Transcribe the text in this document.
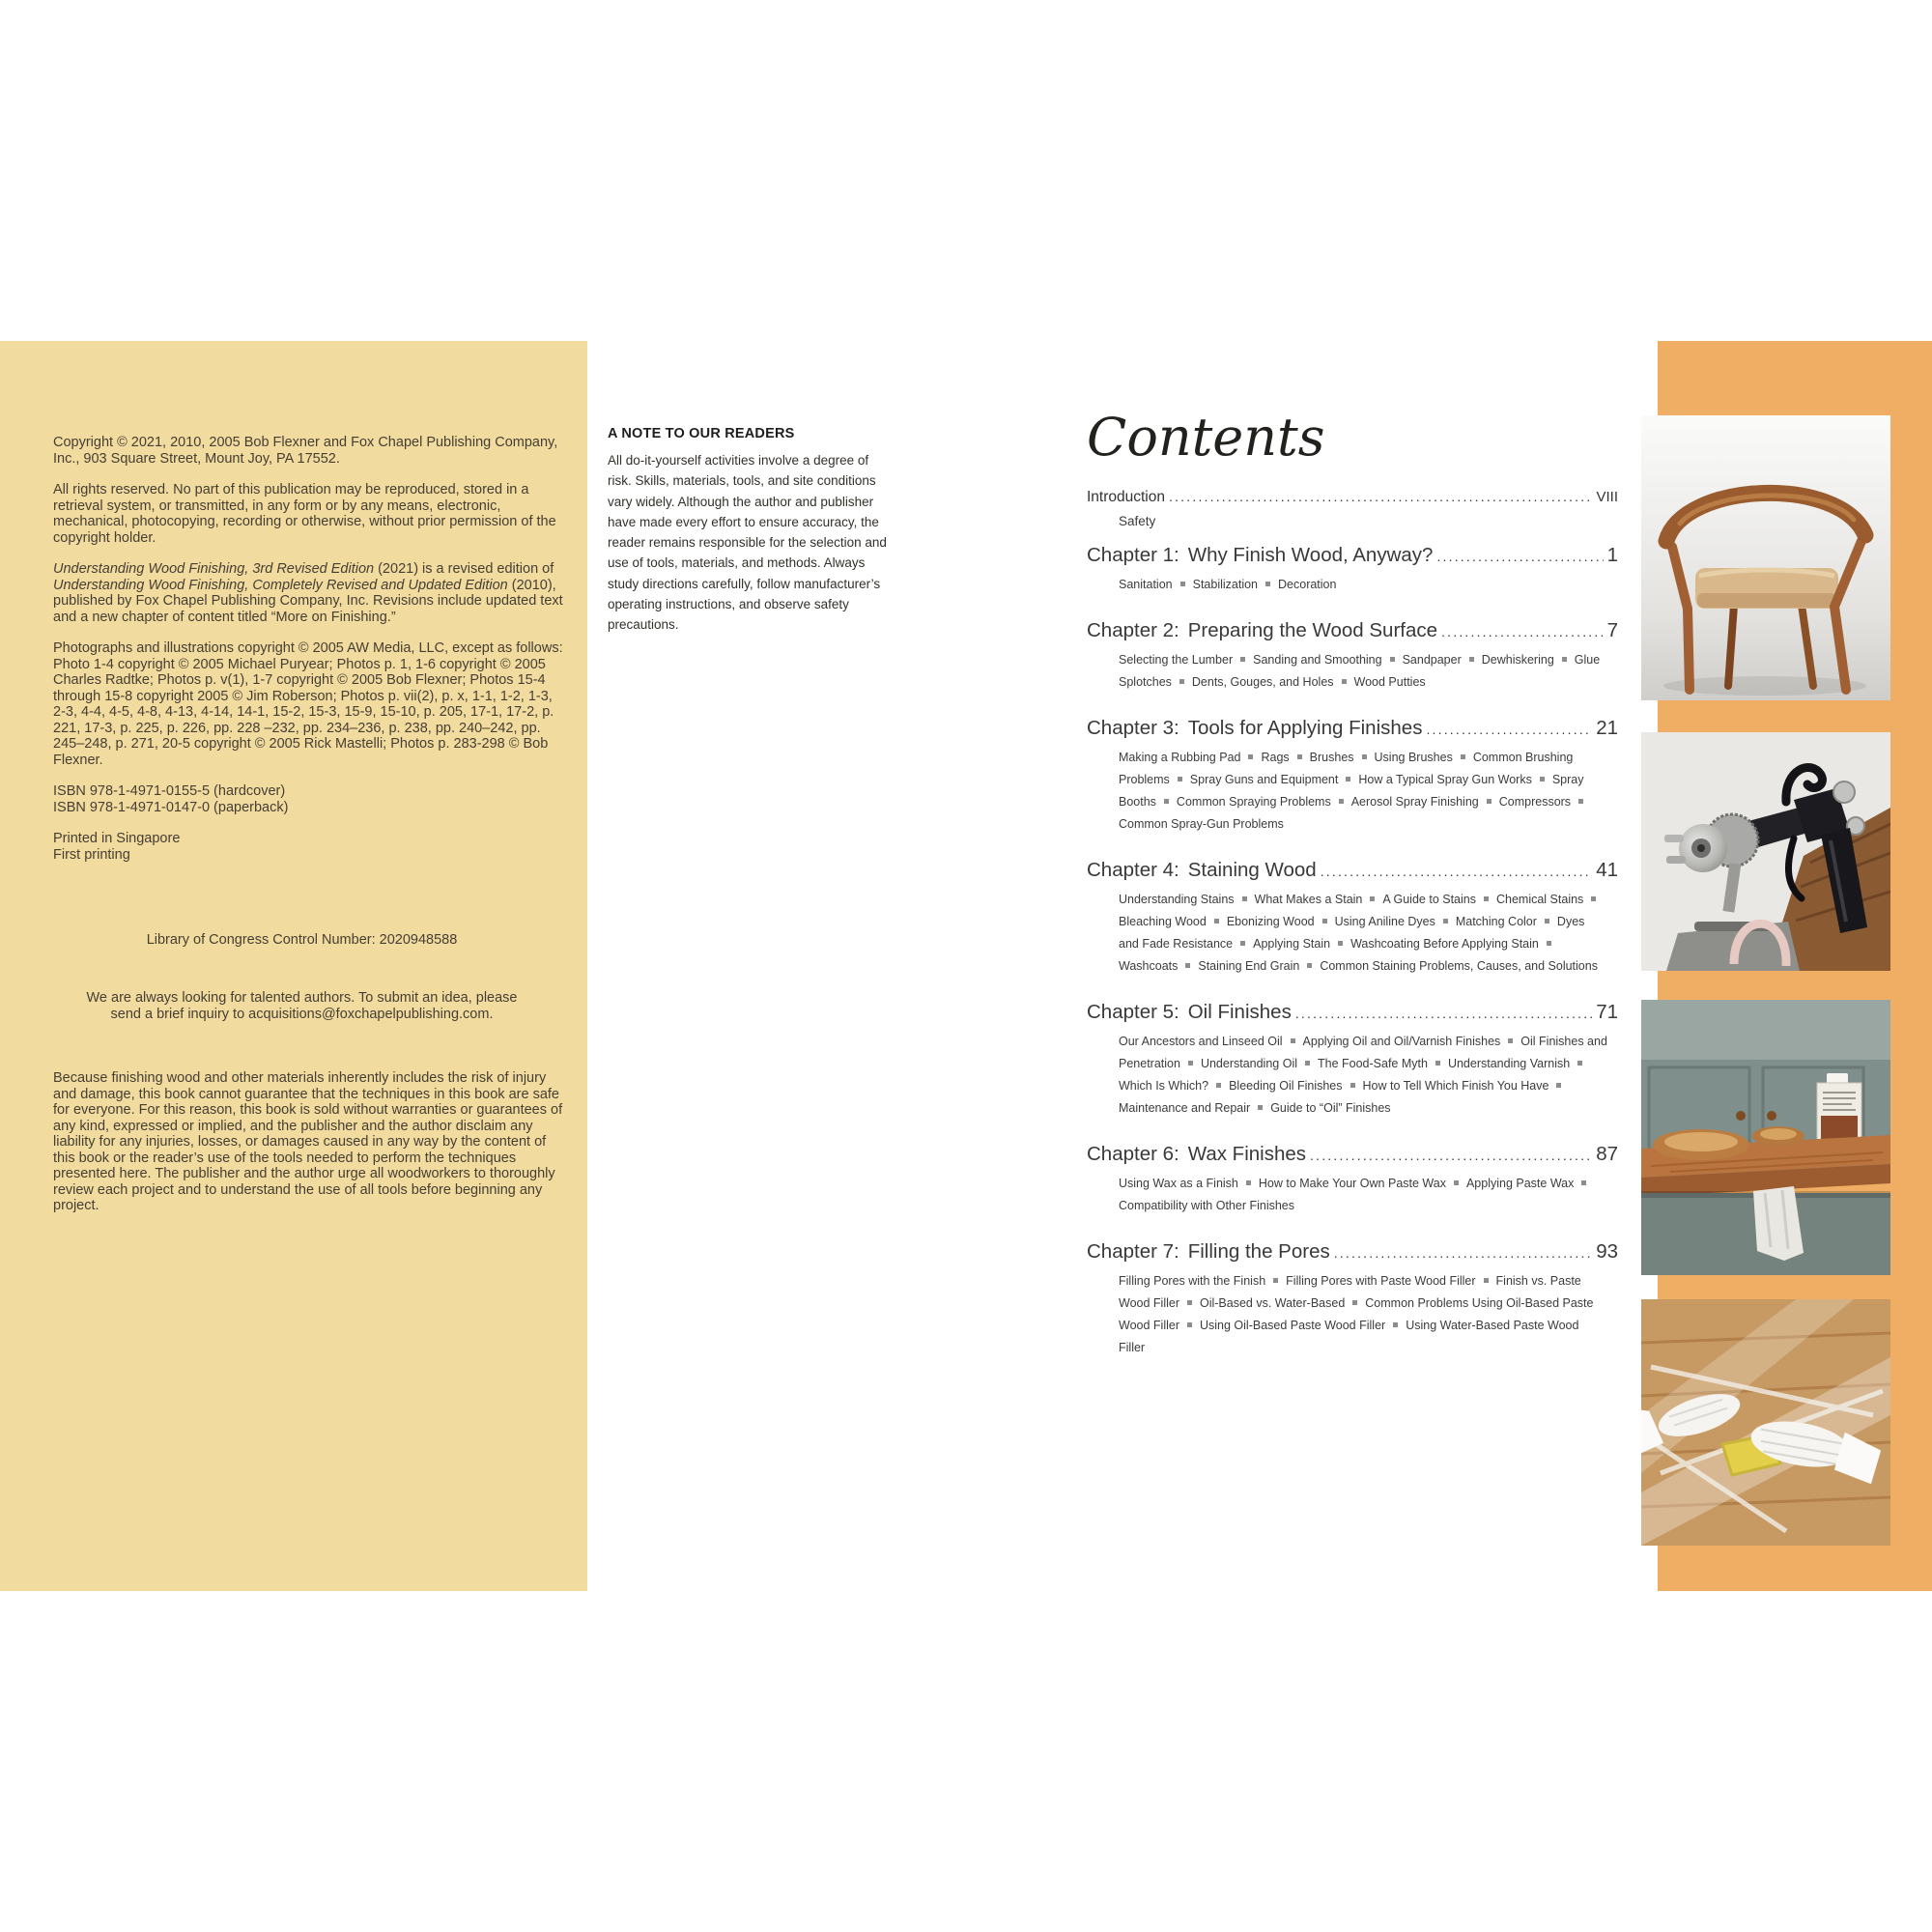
Copyright © 2021, 2010, 2005 Bob Flexner and Fox Chapel Publishing Company, Inc., 903 Square Street, Mount Joy, PA 17552.
All rights reserved. No part of this publication may be reproduced, stored in a retrieval system, or transmitted, in any form or by any means, electronic, mechanical, photocopying, recording or otherwise, without prior permission of the copyright holder.
Understanding Wood Finishing, 3rd Revised Edition (2021) is a revised edition of Understanding Wood Finishing, Completely Revised and Updated Edition (2010), published by Fox Chapel Publishing Company, Inc. Revisions include updated text and a new chapter of content titled “More on Finishing.”
Photographs and illustrations copyright © 2005 AW Media, LLC, except as follows: Photo 1-4 copyright © 2005 Michael Puryear; Photos p. 1, 1-6 copyright © 2005 Charles Radtke; Photos p. v(1), 1-7 copyright © 2005 Bob Flexner; Photos 15-4 through 15-8 copyright 2005 © Jim Roberson; Photos p. vii(2), p. x, 1-1, 1-2, 1-3, 2-3, 4-4, 4-5, 4-8, 4-13, 4-14, 14-1, 15-2, 15-3, 15-9, 15-10, p. 205, 17-1, 17-2, p. 221, 17-3, p. 225, p. 226, pp. 228 –232, pp. 234–236, p. 238, pp. 240–242, pp. 245–248, p. 271, 20-5 copyright © 2005 Rick Mastelli; Photos p. 283-298 © Bob Flexner.
ISBN 978-1-4971-0155-5 (hardcover)
ISBN 978-1-4971-0147-0 (paperback)
Printed in Singapore
First printing
Library of Congress Control Number: 2020948588
We are always looking for talented authors. To submit an idea, please send a brief inquiry to acquisitions@foxchapelpublishing.com.
Because finishing wood and other materials inherently includes the risk of injury and damage, this book cannot guarantee that the techniques in this book are safe for everyone. For this reason, this book is sold without warranties or guarantees of any kind, expressed or implied, and the publisher and the author disclaim any liability for any injuries, losses, or damages caused in any way by the content of this book or the reader’s use of the tools needed to perform the techniques presented here. The publisher and the author urge all woodworkers to thoroughly review each project and to understand the use of all tools before beginning any project.
A NOTE TO OUR READERS
All do-it-yourself activities involve a degree of risk. Skills, materials, tools, and site conditions vary widely. Although the author and publisher have made every effort to ensure accuracy, the reader remains responsible for the selection and use of tools, materials, and methods. Always study directions carefully, follow manufacturer’s operating instructions, and observe safety precautions.
Contents
Introduction .....	VIII
Safety
Chapter 1: Why Finish Wood, Anyway? .....	1
Sanitation Stabilization Decoration
Chapter 2: Preparing the Wood Surface .....	7
Selecting the Lumber Sanding and Smoothing Sandpaper Dewhiskering Glue Splotches Dents, Gouges, and Holes Wood Putties
Chapter 3: Tools for Applying Finishes .....	21
Making a Rubbing Pad Rags Brushes Using Brushes Common Brushing Problems Spray Guns and Equipment How a Typical Spray Gun Works Spray Booths Common Spraying Problems Aerosol Spray Finishing CompressorsCommon Spray-Gun Problems
Chapter 4: Staining Wood .....	41
Understanding Stains What Makes a Stain A Guide to Stains Chemical StainsBleaching Wood Ebonizing Wood Using Aniline Dyes Matching Color Dyes and Fade Resistance Applying Stain Washcoating Before Applying StainWashcoats Staining End Grain Common Staining Problems, Causes, and Solutions
Chapter 5: Oil Finishes .....	71
Our Ancestors and Linseed Oil Applying Oil and Oil/Varnish Finishes Oil Finishes and Penetration Understanding Oil The Food-Safe Myth Understanding VarnishWhich Is Which? Bleeding Oil Finishes How to Tell Which Finish You HaveMaintenance and Repair Guide to “Oil” Finishes
Chapter 6: Wax Finishes .....	87
Using Wax as a Finish How to Make Your Own Paste Wax Applying Paste WaxCompatibility with Other Finishes
Chapter 7: Filling the Pores .....	93
Filling Pores with the Finish Filling Pores with Paste Wood Filler Finish vs. Paste Wood Filler Oil-Based vs. Water-Based Common Problems Using Oil-Based Paste Wood Filler Using Oil-Based Paste Wood Filler Using Water-Based Paste Wood Filler
